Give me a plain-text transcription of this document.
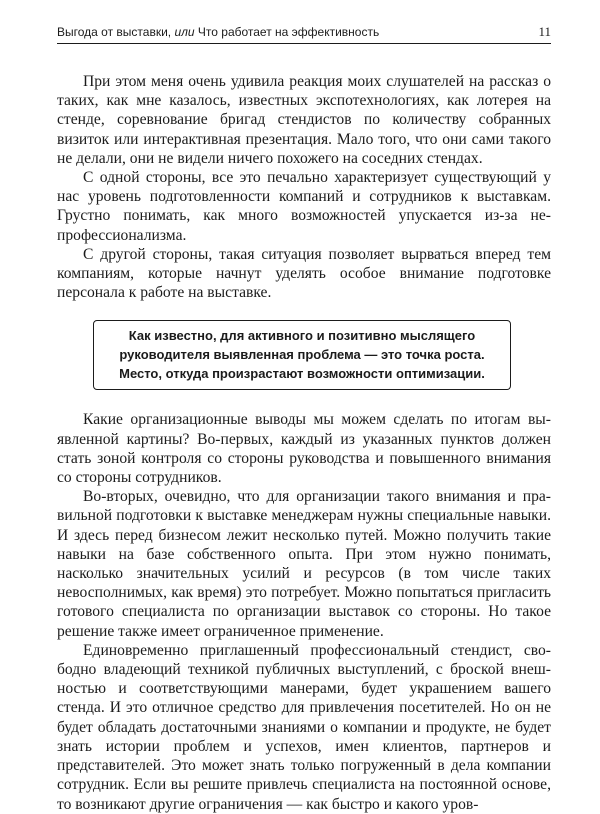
Выгода от выставки, или Что работает на эффективность	11

При этом меня очень удивила реакция моих слушателей на рассказ о таких, как мне казалось, известных экспотехнологиях, как лотерея на стенде, соревнование бригад стендистов по количеству собранных визиток или интерактивная презентация. Мало того, что они сами такого не делали, они не видели ничего похожего на соседних стендах.

С одной стороны, все это печально характеризует существующий у нас уровень подготовленности компаний и сотрудников к выставкам. Грустно понимать, как много возможностей упускается из-за непрофессионализма.

С другой стороны, такая ситуация позволяет вырваться вперед тем компаниям, которые начнут уделять особое внимание подготовке персонала к работе на выставке.

Как известно, для активного и позитивно мыслящего руководителя выявленная проблема — это точка роста. Место, откуда произрастают возможности оптимизации.

Какие организационные выводы мы можем сделать по итогам выявленной картины? Во-первых, каждый из указанных пунктов должен стать зоной контроля со стороны руководства и повышенного внимания со стороны сотрудников.

Во-вторых, очевидно, что для организации такого внимания и правильной подготовки к выставке менеджерам нужны специальные навыки. И здесь перед бизнесом лежит несколько путей. Можно получить такие навыки на базе собственного опыта. При этом нужно понимать, насколько значительных усилий и ресурсов (в том числе таких невосполнимых, как время) это потребует. Можно попытаться пригласить готового специалиста по организации выставок со стороны. Но такое решение также имеет ограниченное применение.

Единовременно приглашенный профессиональный стендист, свободно владеющий техникой публичных выступлений, с броской внешностью и соответствующими манерами, будет украшением вашего стенда. И это отличное средство для привлечения посетителей. Но он не будет обладать достаточными знаниями о компании и продукте, не будет знать истории проблем и успехов, имен клиентов, партнеров и представителей. Это может знать только погруженный в дела компании сотрудник. Если вы решите привлечь специалиста на постоянной основе, то возникают другие ограничения — как быстро и какого уров-
